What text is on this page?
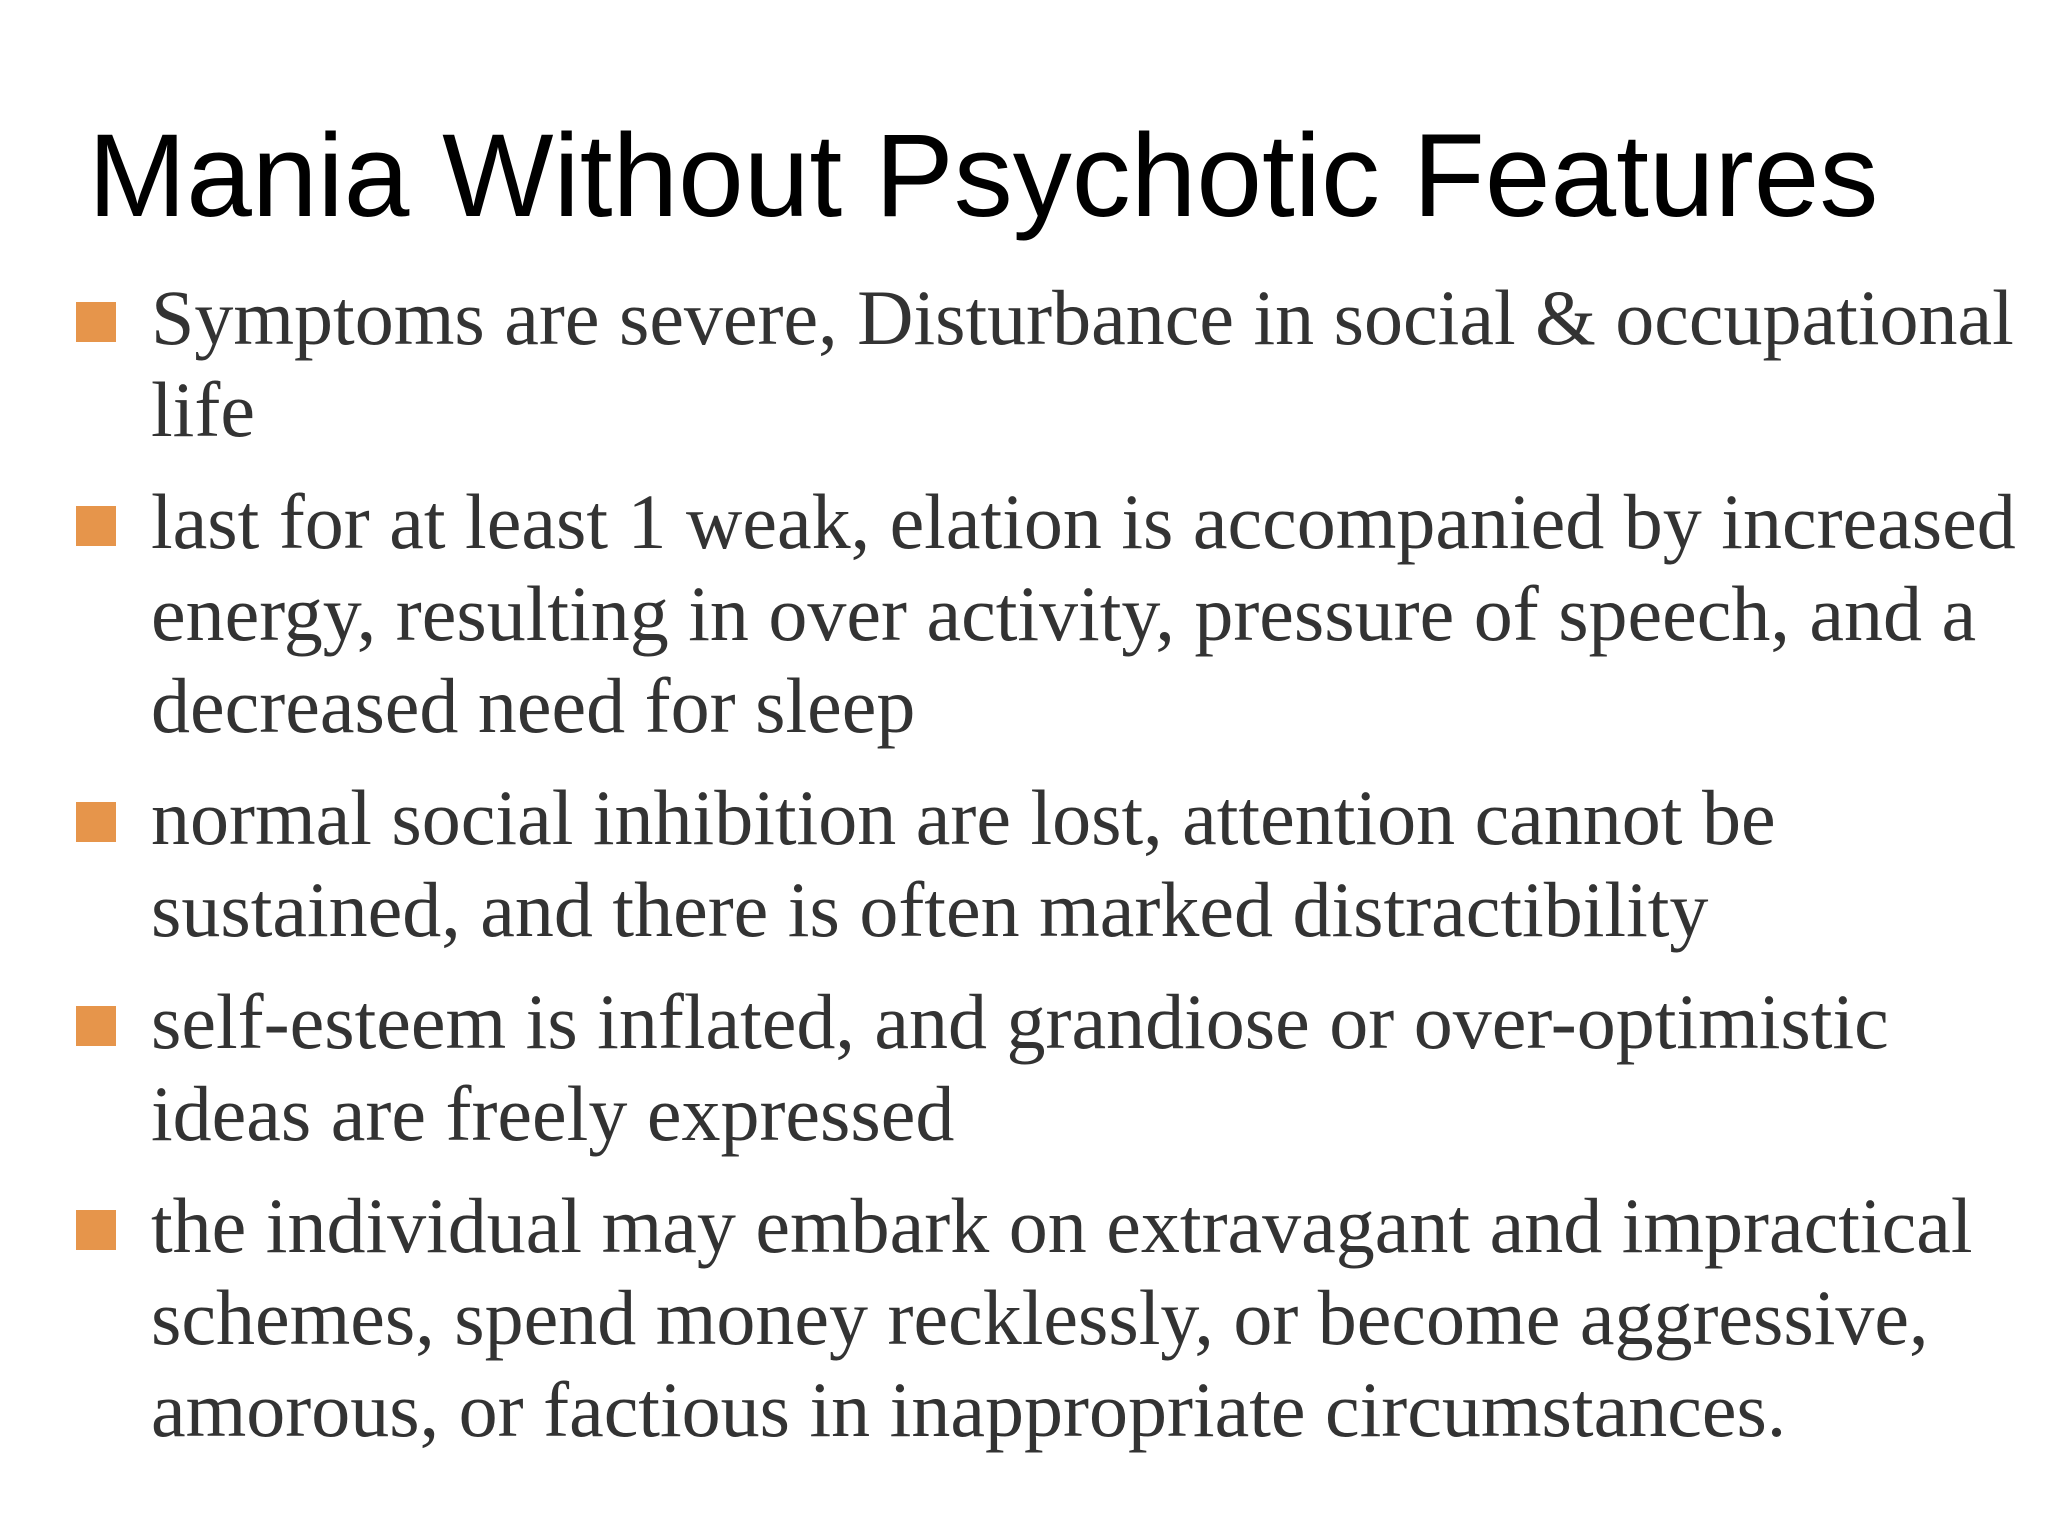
Mania Without Psychotic Features
Symptoms are severe, Disturbance in social & occupational life
last for at least 1 weak, elation is accompanied by increased energy, resulting in over activity, pressure of speech, and a decreased need for sleep
normal social inhibition are lost, attention cannot be sustained, and there is often marked distractibility
self-esteem is inflated, and grandiose or over-optimistic ideas are freely expressed
the individual may embark on extravagant and impractical schemes, spend money recklessly, or become aggressive, amorous, or factious in inappropriate circumstances.
